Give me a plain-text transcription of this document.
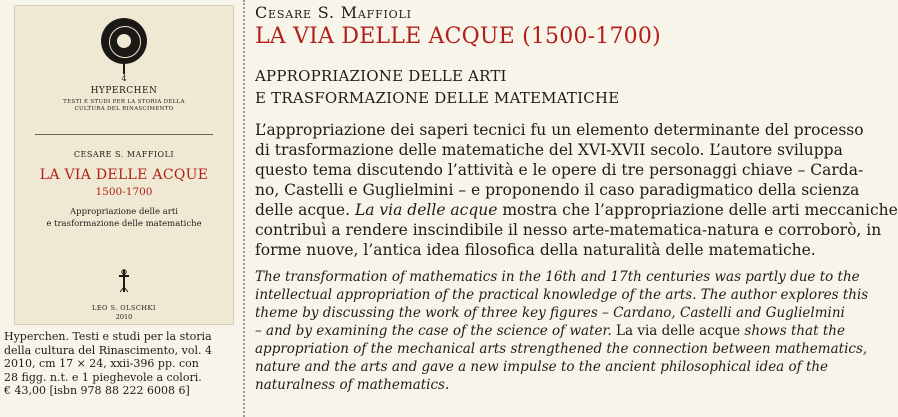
4
HYPERCHEN
TESTI E STUDI PER LA STORIA DELLA CULTURA DEL RINASCIMENTO
CESARE S. MAFFIOLI
LA VIA DELLE ACQUE
1500-1700
Appropriazione delle arti
e trasformazione delle matematiche
LEO S. OLSCHKI
2010
Hyperchen. Testi e studi per la storia
della cultura del Rinascimento, vol. 4
2010, cm 17 × 24, xxii-396 pp. con
28 figg. n.t. e 1 pieghevole a colori.
€ 43,00 [isbn 978 88 222 6008 6]
Cesare S. Maffioli
LA VIA DELLE ACQUE (1500-1700)
APPROPRIAZIONE DELLE ARTI
E TRASFORMAZIONE DELLE MATEMATICHE
L’appropriazione dei saperi tecnici fu un elemento determinante del processo
di trasformazione delle matematiche del XVI-XVII secolo. L’autore sviluppa
questo tema discutendo l’attività e le opere di tre personaggi chiave – Carda-
no, Castelli e Guglielmini – e proponendo il caso paradigmatico della scienza
delle acque. La via delle acque mostra che l’appropriazione delle arti meccaniche
contribuì a rendere inscindibile il nesso arte-matematica-natura e corroborò, in
forme nuove, l’antica idea filosofica della naturalità delle matematiche.
The transformation of mathematics in the 16th and 17th centuries was partly due to the
intellectual appropriation of the practical knowledge of the arts. The author explores this
theme by discussing the work of three key figures – Cardano, Castelli and Guglielmini
– and by examining the case of the science of water. La via delle acque shows that the
appropriation of the mechanical arts strengthened the connection between mathematics,
nature and the arts and gave a new impulse to the ancient philosophical idea of the
naturalness of mathematics.
